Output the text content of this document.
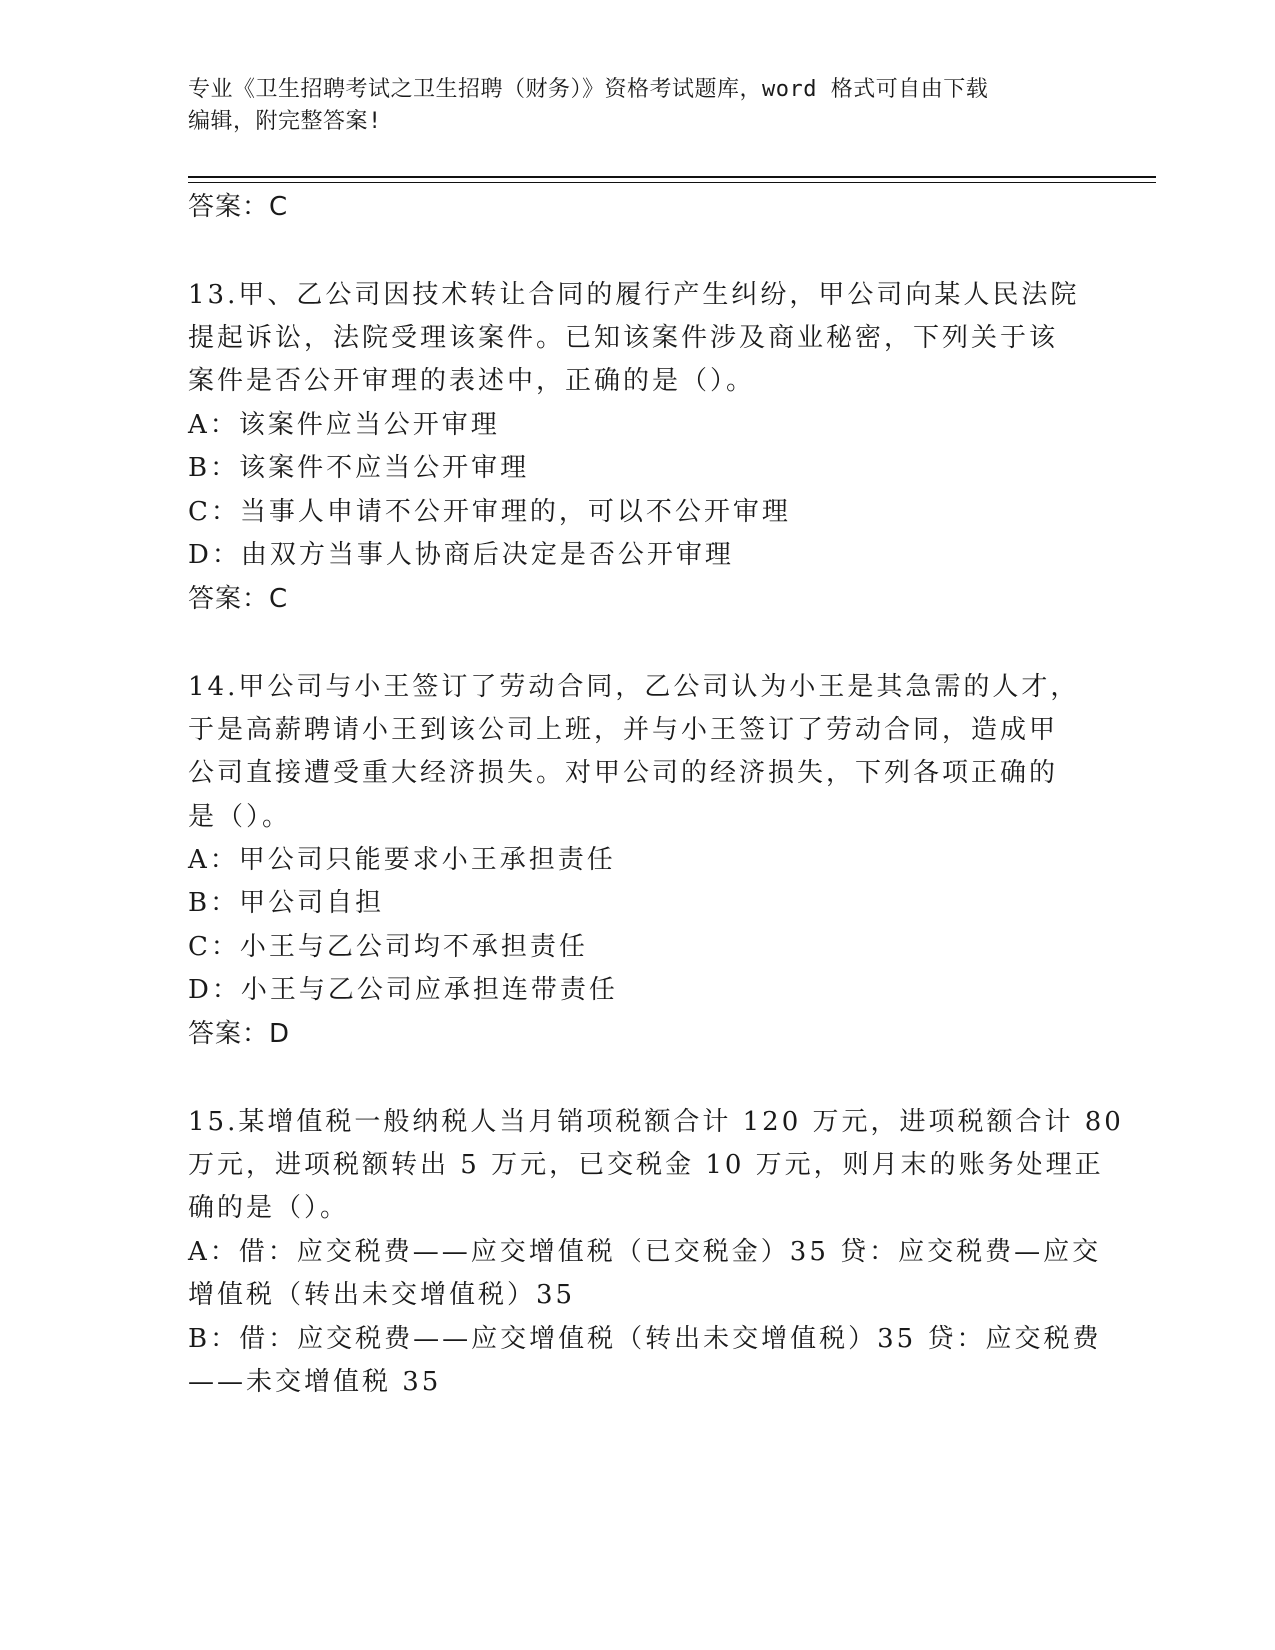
专业《卫生招聘考试之卫生招聘（财务）》资格考试题库，word 格式可自由下载
编辑，附完整答案!
答案：C
13.甲、乙公司因技术转让合同的履行产生纠纷，甲公司向某人民法院
提起诉讼，法院受理该案件。已知该案件涉及商业秘密，下列关于该
案件是否公开审理的表述中，正确的是（）。
A：该案件应当公开审理
B：该案件不应当公开审理
C：当事人申请不公开审理的，可以不公开审理
D：由双方当事人协商后决定是否公开审理
答案：C
14.甲公司与小王签订了劳动合同，乙公司认为小王是其急需的人才，
于是高薪聘请小王到该公司上班，并与小王签订了劳动合同，造成甲
公司直接遭受重大经济损失。对甲公司的经济损失，下列各项正确的
是（）。
A：甲公司只能要求小王承担责任
B：甲公司自担
C：小王与乙公司均不承担责任
D：小王与乙公司应承担连带责任
答案：D
15.某增值税一般纳税人当月销项税额合计 120 万元，进项税额合计 80
万元，进项税额转出 5 万元，已交税金 10 万元，则月末的账务处理正
确的是（）。
A：借：应交税费——应交增值税（已交税金）35 贷：应交税费—应交
增值税（转出未交增值税）35
B：借：应交税费——应交增值税（转出未交增值税）35 贷：应交税费
——未交增值税 35
